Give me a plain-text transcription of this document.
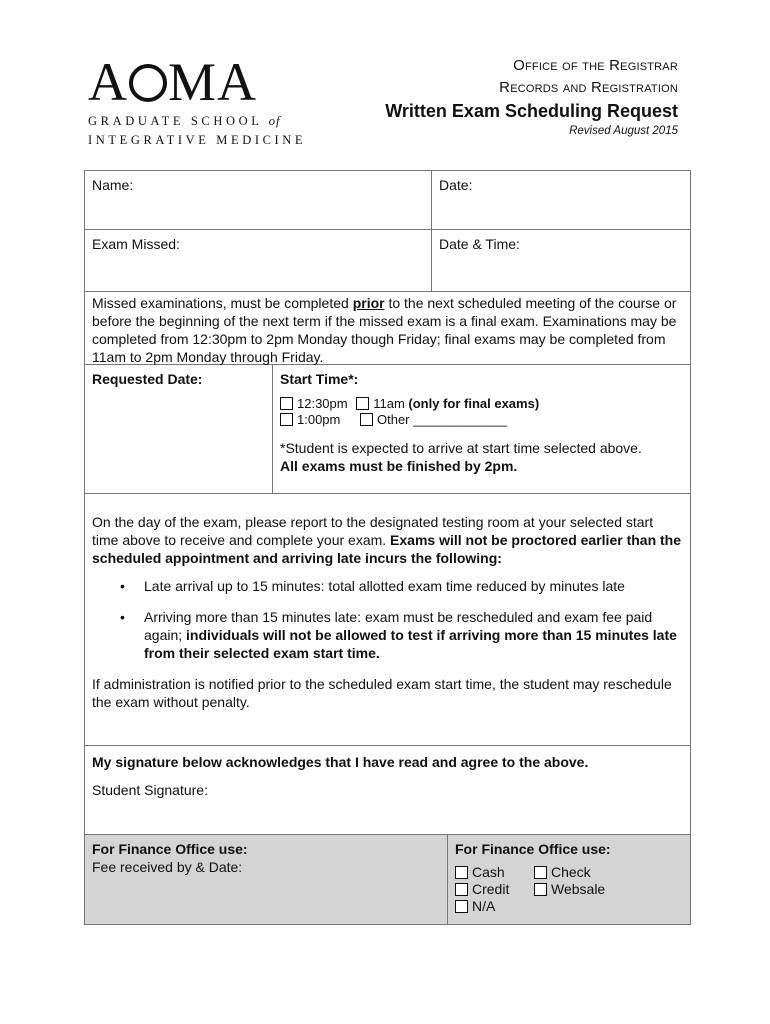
A MA
GRADUATE SCHOOL of
INTEGRATIVE MEDICINE
Office of the Registrar
Records and Registration
Written Exam Scheduling Request
Revised August 2015
Name:	Date:
Exam Missed:	Date & Time:
Missed examinations, must be completed prior to the next scheduled meeting of the course or before the beginning of the next term if the missed exam is a final exam. Examinations may be completed from 12:30pm to 2pm Monday though Friday; final exams may be completed from 11am to 2pm Monday through Friday.
Requested Date:	Start Time*:
12:30pm 11am (only for final exams)
1:00pm	Other _____________
*Student is expected to arrive at start time selected above.
All exams must be finished by 2pm.
On the day of the exam, please report to the designated testing room at your selected start time above to receive and complete your exam. Exams will not be proctored earlier than the scheduled appointment and arriving late incurs the following:
• Late arrival up to 15 minutes: total allotted exam time reduced by minutes late
• Arriving more than 15 minutes late: exam must be rescheduled and exam fee paid again; individuals will not be allowed to test if arriving more than 15 minutes late from their selected exam start time.
If administration is notified prior to the scheduled exam start time, the student may reschedule the exam without penalty.
My signature below acknowledges that I have read and agree to the above.
Student Signature:
For Finance Office use:
Fee received by & Date:
For Finance Office use:
Cash	Check
Credit	Websale
N/A
